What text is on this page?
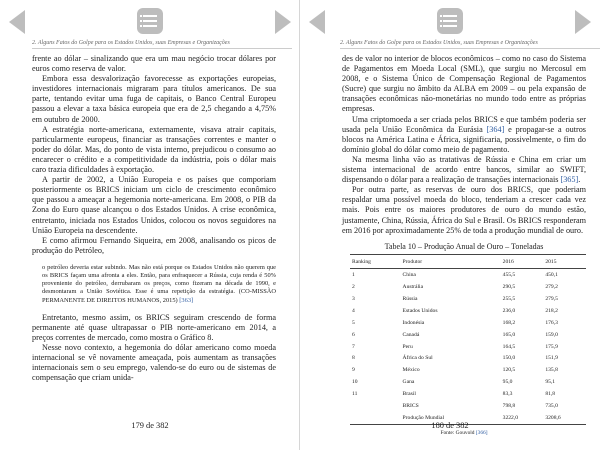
2. Alguns Fatos do Golpe para os Estados Unidos, suas Empresas e Organizações

frente ao dólar – sinalizando que era um mau negócio trocar dólares por euros como reserva de valor.

Embora essa desvalorização favorecesse as exportações europeias, investidores internacionais migraram para títulos americanos. De sua parte, tentando evitar uma fuga de capitais, o Banco Central Europeu passou a elevar a taxa básica europeia que era de 2,5 chegando a 4,75% em outubro de 2000.

A estratégia norte-americana, externamente, visava atrair capitais, particularmente europeus, financiar as transações correntes e manter o poder do dólar. Mas, do ponto de vista interno, prejudicou o consumo ao encarecer o crédito e a competitividade da indústria, pois o dólar mais caro trazia dificuldades à exportação.

A partir de 2002, a União Europeia e os países que comporiam posteriormente os BRICS iniciam um ciclo de crescimento econômico que passou a ameaçar a hegemonia norte-americana. Em 2008, o PIB da Zona do Euro quase alcançou o dos Estados Unidos. A crise econômica, entretanto, iniciada nos Estados Unidos, colocou os novos seguidores na União Europeia na descendente.

E como afirmou Fernando Siqueira, em 2008, analisando os picos de produção do Petróleo,

o petróleo deveria estar subindo. Mas não está porque os Estados Unidos não querem que os BRICS façam uma afronta a eles. Então, para enfraquecer a Rússia, cuja renda é 50% proveniente do petróleo, derrubaram os preços, como fizeram na década de 1990, e desmontaram a União Soviética. Esse é uma repetição da estratégia. (CO-MISSÃO PERMANENTE DE DIREITOS HUMANOS, 2015) [363]

Entretanto, mesmo assim, os BRICS seguiram crescendo de forma permanente até quase ultrapassar o PIB norte-americano em 2014, a preços correntes de mercado, como mostra o Gráfico 8.

Nesse novo contexto, a hegemonia do dólar americano como moeda internacional se vê novamente ameaçada, pois aumentam as transações internacionais sem o seu emprego, valendo-se do euro ou de sistemas de compensação que criam unida-

179 de 382
2. Alguns Fatos do Golpe para os Estados Unidos, suas Empresas e Organizações

des de valor no interior de blocos econômicos – como no caso do Sistema de Pagamentos em Moeda Local (SML), que surgiu no Mercosul em 2008, e o Sistema Único de Compensação Regional de Pagamentos (Sucre) que surgiu no âmbito da ALBA em 2009 – ou pela expansão de transações econômicas não-monetárias no mundo todo entre as próprias empresas.

Uma criptomoeda a ser criada pelos BRICS e que também poderia ser usada pela União Econômica da Eurásia [364] e propagar-se a outros blocos na América Latina e África, significaria, possivelmente, o fim do domínio global do dólar como meio de pagamento.

Na mesma linha vão as tratativas de Rússia e China em criar um sistema internacional de acordo entre bancos, similar ao SWIFT, dispensando o dólar para a realização de transações internacionais [365].

Por outra parte, as reservas de ouro dos BRICS, que poderiam respaldar uma possível moeda do bloco, tenderiam a crescer cada vez mais. Pois entre os maiores produtores de ouro do mundo estão, justamente, China, Rússia, África do Sul e Brasil. Os BRICS responderam em 2016 por aproximadamente 25% de toda a produção mundial de ouro.

Tabela 10 – Produção Anual de Ouro – Toneladas
Ranking	Produtor	2016	2015
1	China	455,5	450,1
2	Austrália	290,5	279,2
3	Rússia	255,5	279,5
4	Estados Unidos	236,0	218,2
5	Indonésia	168,2	176,3
6	Canadá	165,0	159,0
7	Peru	164,5	175,9
8	África do Sul	150,0	151,9
9	México	120,5	135,8
10	Gana	95,0	95,1
11	Brasil	83,3	81,8
	BRICS	798,8	735,0
	Produção Mundial	3222,0	3208,6
Fonte: Gouvold [366]
180 de 382
